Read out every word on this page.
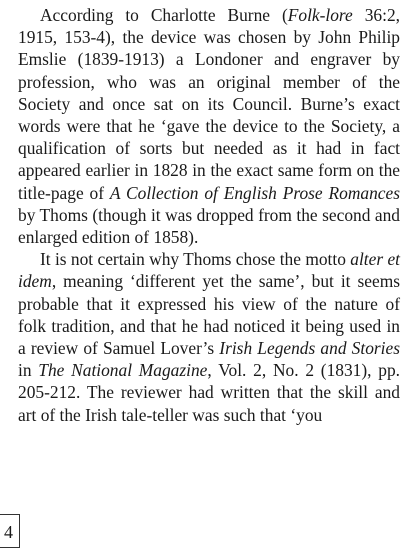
According to Charlotte Burne (Folk-lore 36:2, 1915, 153-4), the device was chosen by John Philip Emslie (1839-1913) a Londoner and engraver by profession, who was an original member of the Society and once sat on its Council. Burne’s exact words were that he ‘gave the device to the Society, a qualification of sorts but needed as it had in fact appeared earlier in 1828 in the exact same form on the title-page of A Collection of English Prose Romances by Thoms (though it was dropped from the second and enlarged edition of 1858).

It is not certain why Thoms chose the motto alter et idem, meaning ‘different yet the same’, but it seems probable that it expressed his view of the nature of folk tradition, and that he had noticed it being used in a review of Samuel Lover’s Irish Legends and Stories in The National Magazine, Vol. 2, No. 2 (1831), pp. 205-212. The reviewer had written that the skill and art of the Irish tale-teller was such that ‘you

4
